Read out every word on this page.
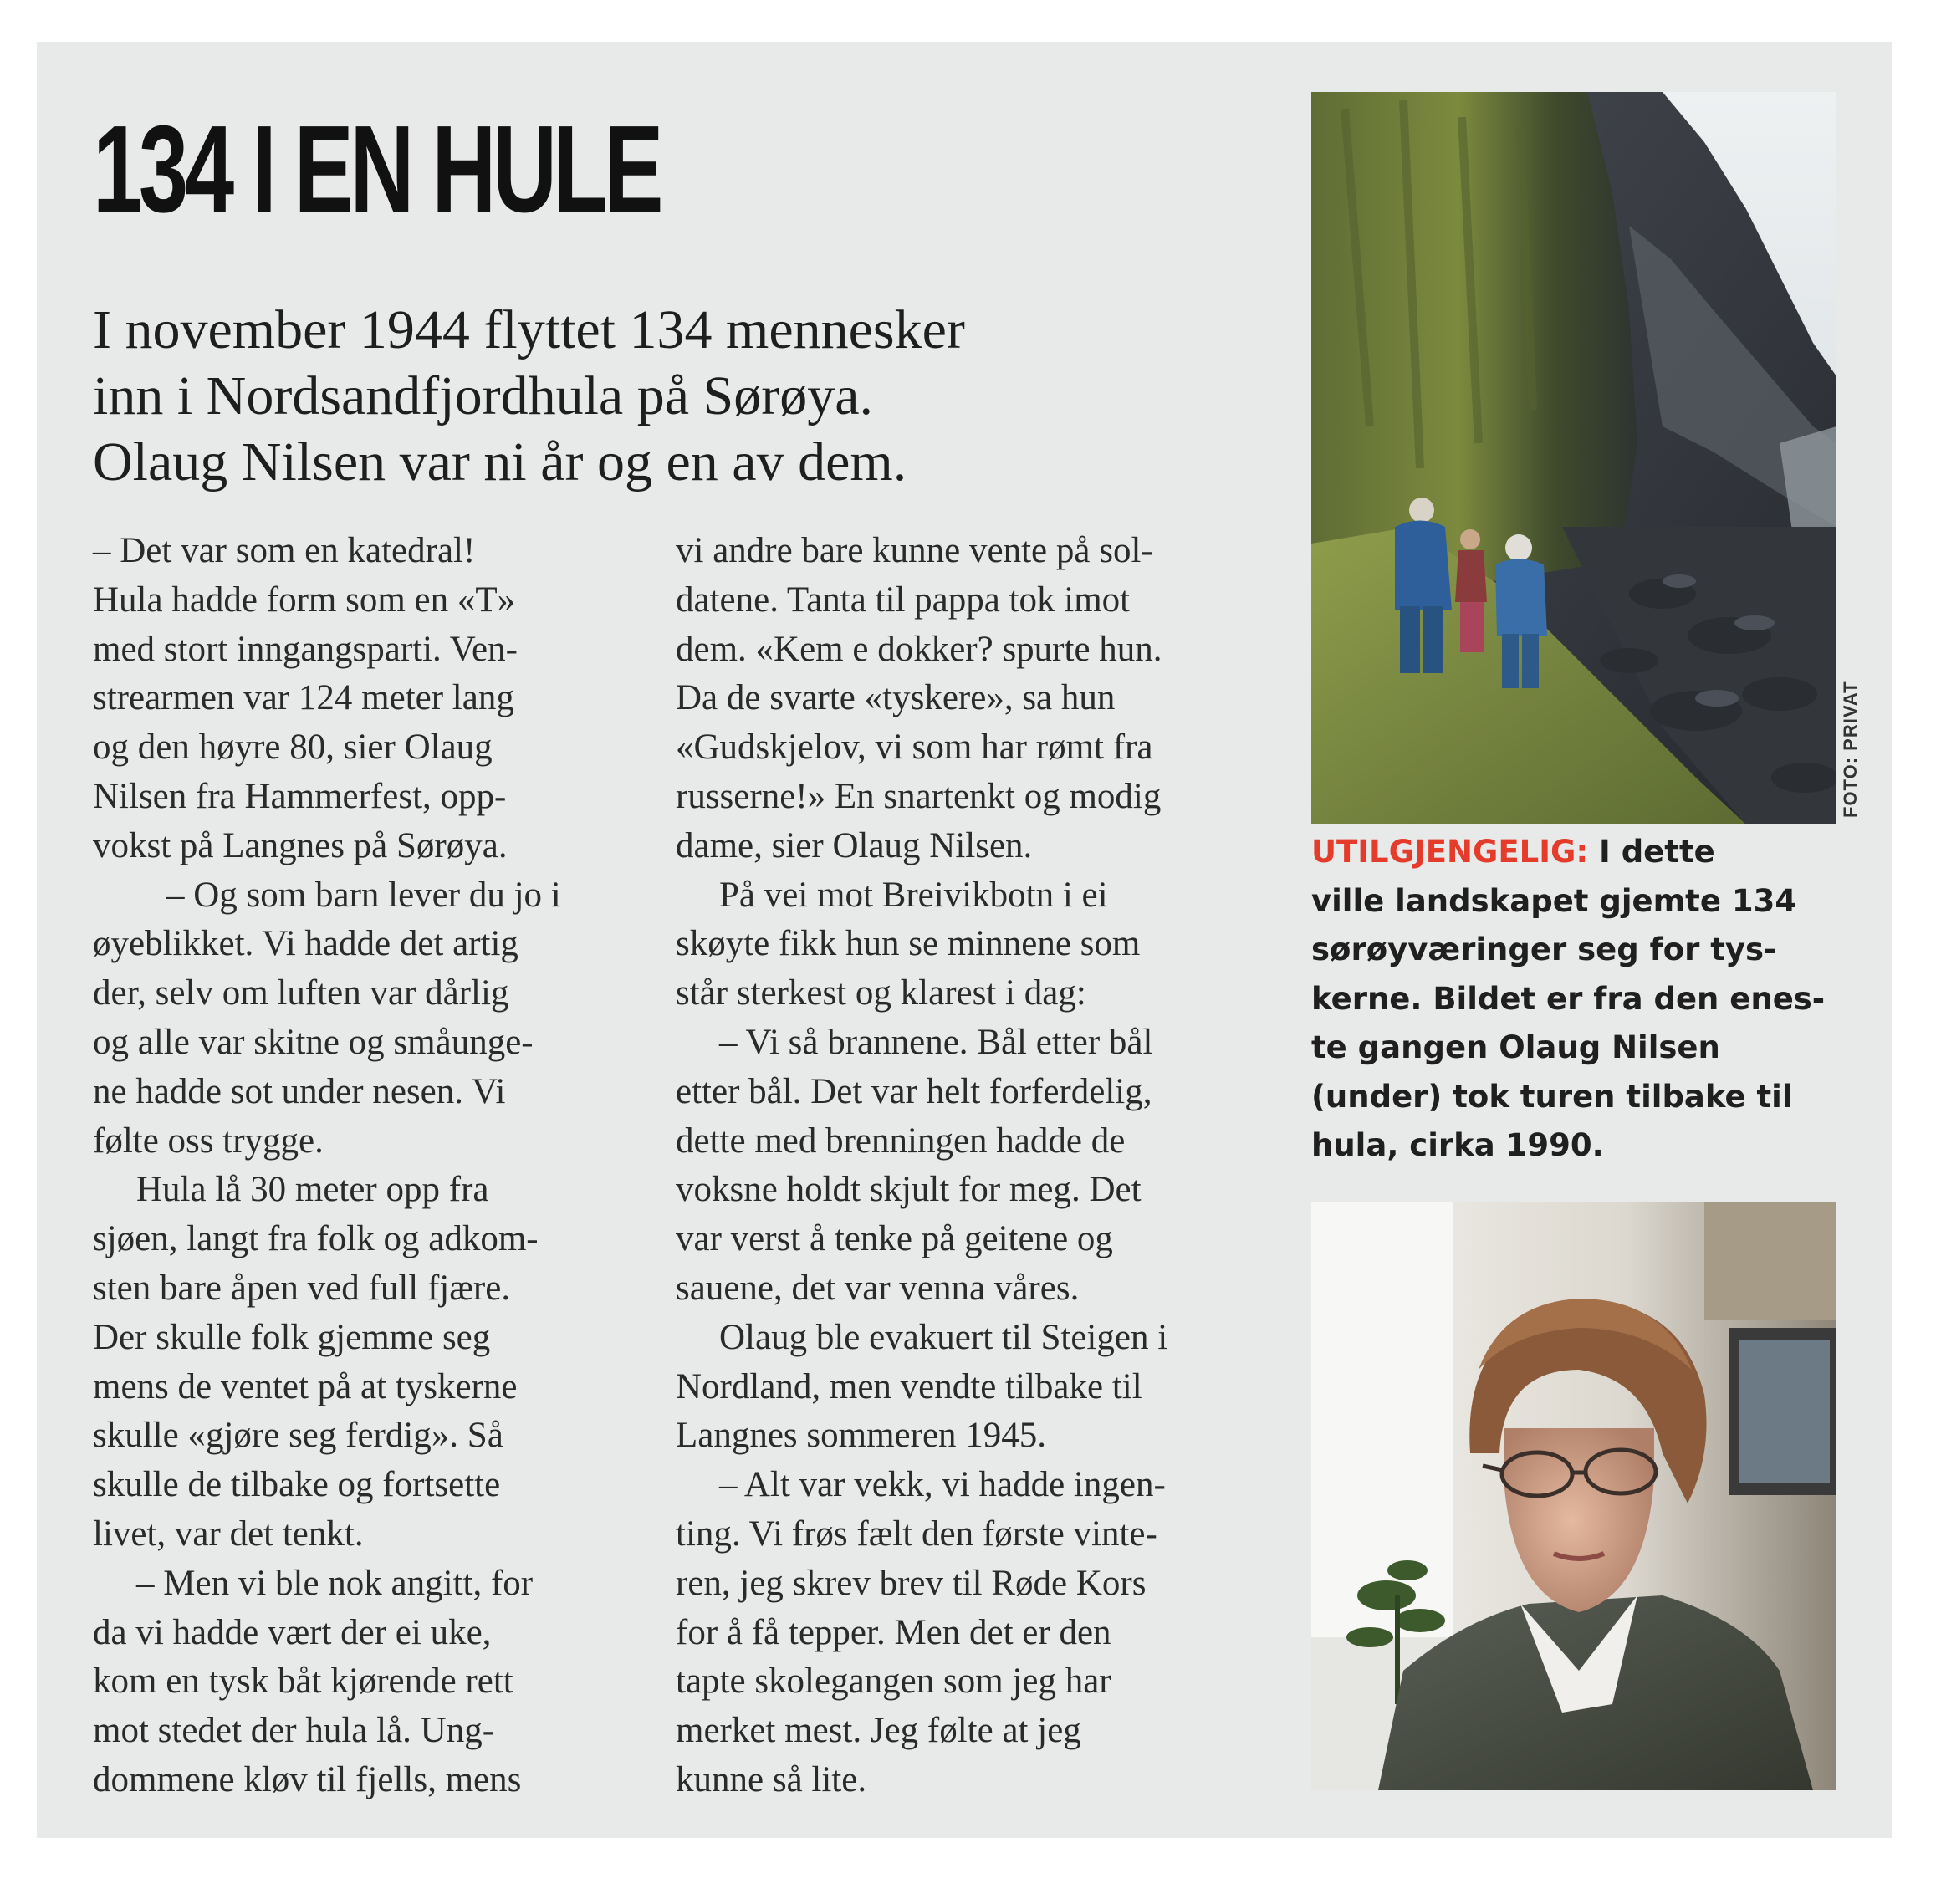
134 I EN HULE
I november 1944 flyttet 134 mennesker
inn i Nordsandfjordhula på Sørøya.
Olaug Nilsen var ni år og en av dem.
– Det var som en katedral!
Hula hadde form som en «T»
med stort inngangsparti. Ven-
strearmen var 124 meter lang
og den høyre 80, sier Olaug
Nilsen fra Hammerfest, opp-
vokst på Langnes på Sørøya.
– Og som barn lever du jo i
øyeblikket. Vi hadde det artig
der, selv om luften var dårlig
og alle var skitne og småunge-
ne hadde sot under nesen. Vi
følte oss trygge.
Hula lå 30 meter opp fra
sjøen, langt fra folk og adkom-
sten bare åpen ved full fjære.
Der skulle folk gjemme seg
mens de ventet på at tyskerne
skulle «gjøre seg ferdig». Så
skulle de tilbake og fortsette
livet, var det tenkt.
– Men vi ble nok angitt, for
da vi hadde vært der ei uke,
kom en tysk båt kjørende rett
mot stedet der hula lå. Ung-
dommene kløv til fjells, mens
vi andre bare kunne vente på sol-
datene. Tanta til pappa tok imot
dem. «Kem e dokker? spurte hun.
Da de svarte «tyskere», sa hun
«Gudskjelov, vi som har rømt fra
russerne!» En snartenkt og modig
dame, sier Olaug Nilsen.
På vei mot Breivikbotn i ei
skøyte fikk hun se minnene som
står sterkest og klarest i dag:
– Vi så brannene. Bål etter bål
etter bål. Det var helt forferdelig,
dette med brenningen hadde de
voksne holdt skjult for meg. Det
var verst å tenke på geitene og
sauene, det var venna våres.
Olaug ble evakuert til Steigen i
Nordland, men vendte tilbake til
Langnes sommeren 1945.
– Alt var vekk, vi hadde ingen-
ting. Vi frøs fælt den første vinte-
ren, jeg skrev brev til Røde Kors
for å få tepper. Men det er den
tapte skolegangen som jeg har
merket mest. Jeg følte at jeg
kunne så lite.
FOTO: PRIVAT
UTILGJENGELIG: I dette
ville landskapet gjemte 134
sørøyværinger seg for tys-
kerne. Bildet er fra den enes-
te gangen Olaug Nilsen
(under) tok turen tilbake til
hula, cirka 1990.
